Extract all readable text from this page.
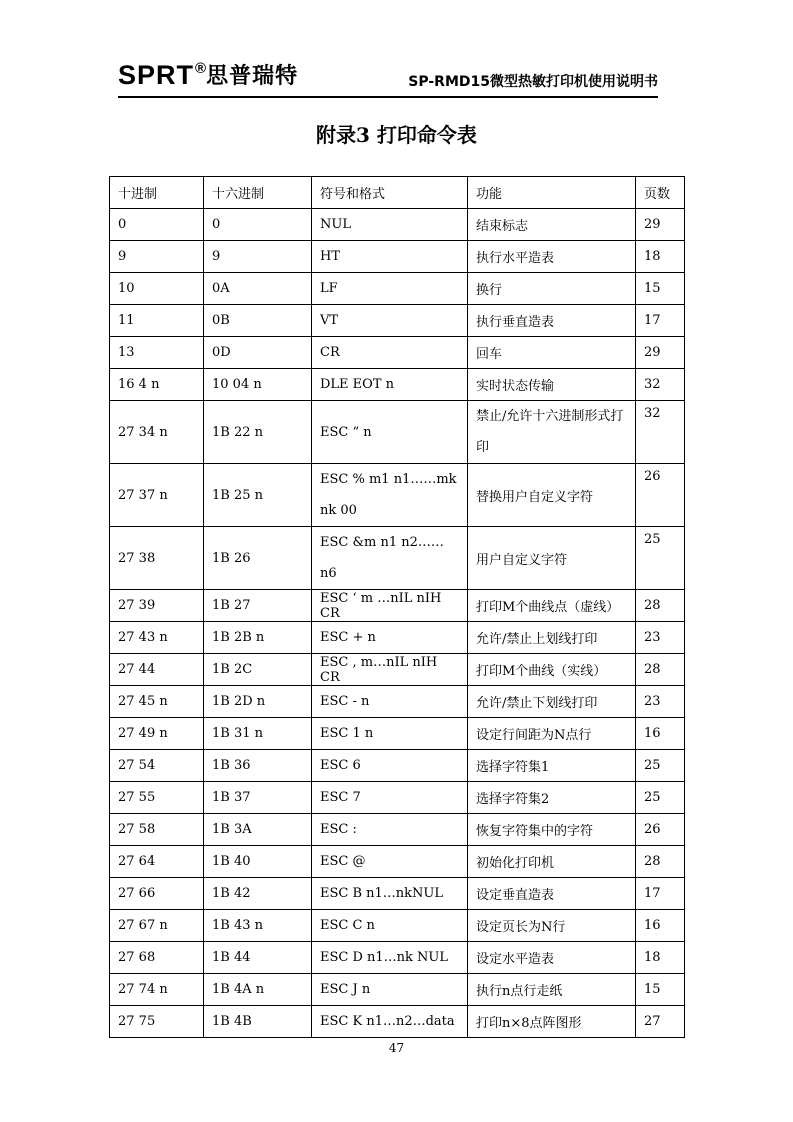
SPRT®思普瑞特	SP-RMD15微型热敏打印机使用说明书
附录3 打印命令表
十进制	十六进制	符号和格式	功能	页数
0	0	NUL	结束标志	29
9	9	HT	执行水平造表	18
10	0A	LF	换行	15
11	0B	VT	执行垂直造表	17
13	0D	CR	回车	29
16 4 n	10 04 n	DLE EOT n	实时状态传输	32
27 34 n	1B 22 n	ESC “ n	禁止/允许十六进制形式打印	32
27 37 n	1B 25 n	ESC % m1 n1……mk nk 00	替换用户自定义字符	26
27 38	1B 26	ESC &m n1 n2…… n6	用户自定义字符	25
27 39	1B 27	ESC ‘ m …nIL nIH CR	打印M个曲线点（虚线）	28
27 43 n	1B 2B n	ESC + n	允许/禁止上划线打印	23
27 44	1B 2C	ESC , m…nIL nIH CR	打印M个曲线（实线）	28
27 45 n	1B 2D n	ESC - n	允许/禁止下划线打印	23
27 49 n	1B 31 n	ESC 1 n	设定行间距为N点行	16
27 54	1B 36	ESC 6	选择字符集1	25
27 55	1B 37	ESC 7	选择字符集2	25
27 58	1B 3A	ESC :	恢复字符集中的字符	26
27 64	1B 40	ESC @	初始化打印机	28
27 66	1B 42	ESC B n1…nkNUL	设定垂直造表	17
27 67 n	1B 43 n	ESC C n	设定页长为N行	16
27 68	1B 44	ESC D n1…nk NUL	设定水平造表	18
27 74 n	1B 4A n	ESC J n	执行n点行走纸	15
27 75	1B 4B	ESC K n1…n2…data	打印n×8点阵图形	27
47
